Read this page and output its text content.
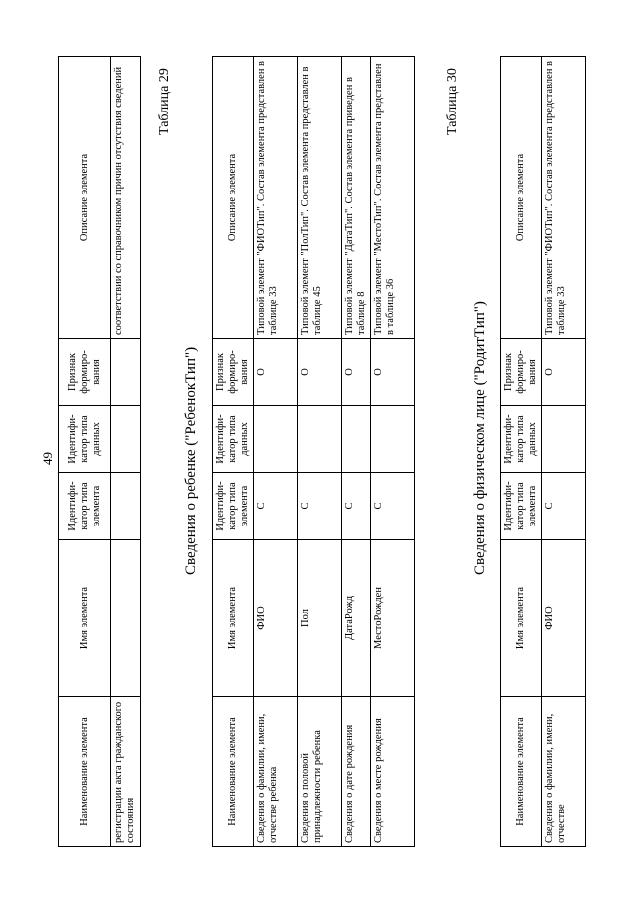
49
Наименование элемента	Имя элемента	Идентифи-катор типа элемента	Идентифи-катор типа данных	Признак формиро-вания	Описание элемента
регистрации акта гражданского состояния					соответствии со справочником причин отсутствия сведений Таблица 29
Сведения о ребенке ("РебенокТип")
Наименование элемента	Имя элемента	Идентифи-катор типа элемента	Идентифи-катор типа данных	Признак формиро-вания	Описание элемента
Сведения о фамилии, имени, отчестве ребенка	ФИО	С		О	Типовой элемент "ФИОТип". Состав элемента представлен в таблице 33
Сведения о половой принадлежности ребенка	Пол	С		О	Типовой элемент "ПолТип". Состав элемента представлен в таблице 45
Сведения о дате рождения	ДатаРожд	С		О	Типовой элемент "ДатаТип". Состав элемента приведен в таблице 8
Сведения о месте рождения	МестоРожден	С		О	Типовой элемент "МестоТип". Состав элемента представлен в таблице 36
Таблица 30
Сведения о физическом лице ("РодитТип")
Наименование элемента	Имя элемента	Идентифи-катор типа элемента	Идентифи-катор типа данных	Признак формиро-вания	Описание элемента
Сведения о фамилии, имени, отчестве	ФИО	С		О	Типовой элемент "ФИОТип". Состав элемента представлен в таблице 33
